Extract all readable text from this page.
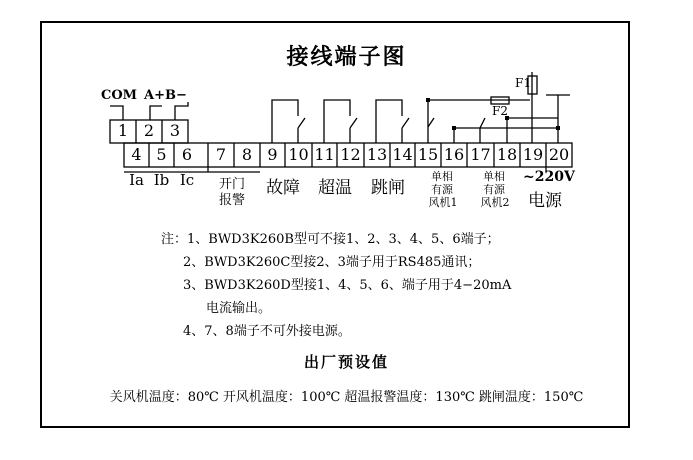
接线端子图
COM A+B−
F1
F2
1 2 3
4 5 6	7 8 9 10 11 12 13 14 15 16 17 18 19 20
Ia Ib Ic	开门
报警
故障 超温 跳闸
单相
有源
风机1
单相
有源
风机2
~220V
电源
注：1、BWD3K260B型可不接1、2、3、4、5、6端子；
2、BWD3K260C型接2、3端子用于RS485通讯；
3、BWD3K260D型接1、4、5、6、端子用于4−20mA
电流输出。
4、7、8端子不可外接电源。
出厂预设值
关风机温度：80℃ 开风机温度：100℃ 超温报警温度：130℃ 跳闸温度：150℃
